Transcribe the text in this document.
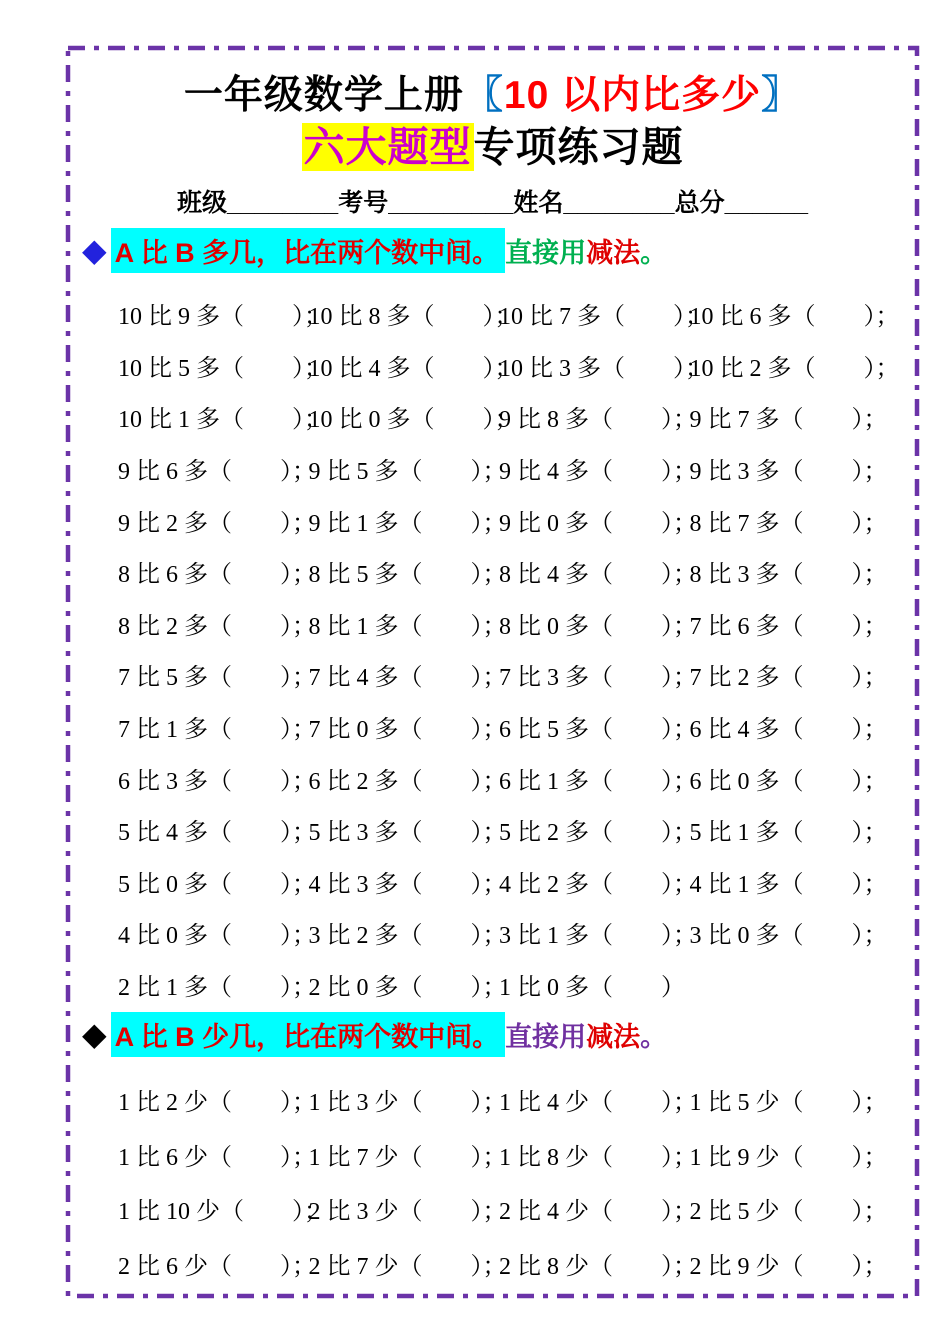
一年级数学上册〖10 以内比多少〗
六大题型专项练习题
班级________考号_________姓名________总分______
◆ A 比 B 多几，比在两个数中间。 直接用 减法 。
10 比 9 多（　　）；
10 比 8 多（　　）；
10 比 7 多（　　）；
10 比 6 多（　　）；
10 比 5 多（　　）；
10 比 4 多（　　）；
10 比 3 多（　　）；
10 比 2 多（　　）；
10 比 1 多（　　）；
10 比 0 多（　　）；
9 比 8 多（　　）；
9 比 7 多（　　）；
9 比 6 多（　　）；
9 比 5 多（　　）；
9 比 4 多（　　）；
9 比 3 多（　　）；
9 比 2 多（　　）；
9 比 1 多（　　）；
9 比 0 多（　　）；
8 比 7 多（　　）；
8 比 6 多（　　）；
8 比 5 多（　　）；
8 比 4 多（　　）；
8 比 3 多（　　）；
8 比 2 多（　　）；
8 比 1 多（　　）；
8 比 0 多（　　）；
7 比 6 多（　　）；
7 比 5 多（　　）；
7 比 4 多（　　）；
7 比 3 多（　　）；
7 比 2 多（　　）；
7 比 1 多（　　）；
7 比 0 多（　　）；
6 比 5 多（　　）；
6 比 4 多（　　）；
6 比 3 多（　　）；
6 比 2 多（　　）；
6 比 1 多（　　）；
6 比 0 多（　　）；
5 比 4 多（　　）；
5 比 3 多（　　）；
5 比 2 多（　　）；
5 比 1 多（　　）；
5 比 0 多（　　）；
4 比 3 多（　　）；
4 比 2 多（　　）；
4 比 1 多（　　）；
4 比 0 多（　　）；
3 比 2 多（　　）；
3 比 1 多（　　）；
3 比 0 多（　　）；
2 比 1 多（　　）；
2 比 0 多（　　）；
1 比 0 多（　　）
◆ A 比 B 少几，比在两个数中间。 直接用 减法 。
1 比 2 少（　　）；
1 比 3 少（　　）；
1 比 4 少（　　）；
1 比 5 少（　　）；
1 比 6 少（　　）；
1 比 7 少（　　）；
1 比 8 少（　　）；
1 比 9 少（　　）；
1 比 10 少（　　）；
2 比 3 少（　　）；
2 比 4 少（　　）；
2 比 5 少（　　）；
2 比 6 少（　　）；
2 比 7 少（　　）；
2 比 8 少（　　）；
2 比 9 少（　　）；
